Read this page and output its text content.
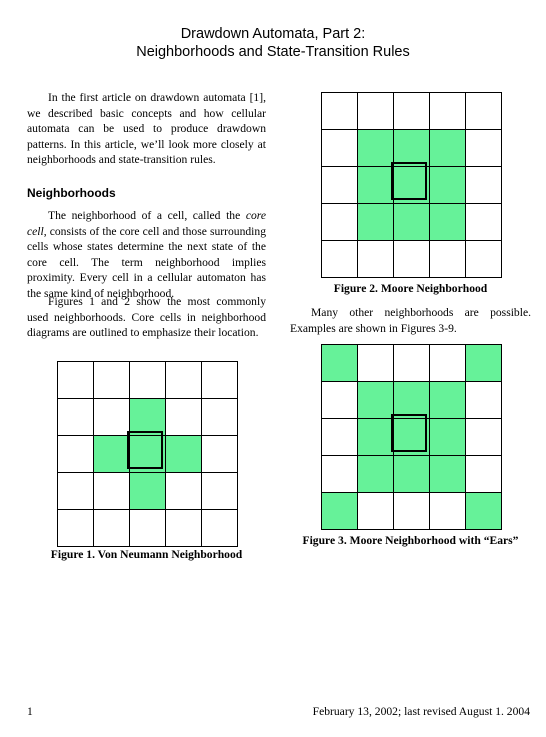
Drawdown Automata, Part 2:
Neighborhoods and State-Transition Rules
In the first article on drawdown automata [1], we described basic concepts and how cellular automata can be used to produce drawdown patterns. In this article, we’ll look more closely at neighborhoods and state-transition rules.
Neighborhoods
The neighborhood of a cell, called the core cell, consists of the core cell and those surrounding cells whose states determine the next state of the core cell. The term neighborhood implies proximity. Every cell in a cellular automaton has the same kind of neighborhood.
Figures 1 and 2 show the most commonly used neighborhoods. Core cells in neighborhood diagrams are outlined to emphasize their location.
Many other neighborhoods are possible. Examples are shown in Figures 3-9.

Figure 1. Von Neumann Neighborhood

Figure 2. Moore Neighborhood

Figure 3. Moore Neighborhood with “Ears”
1	February 13, 2002; last revised August 1. 2004
